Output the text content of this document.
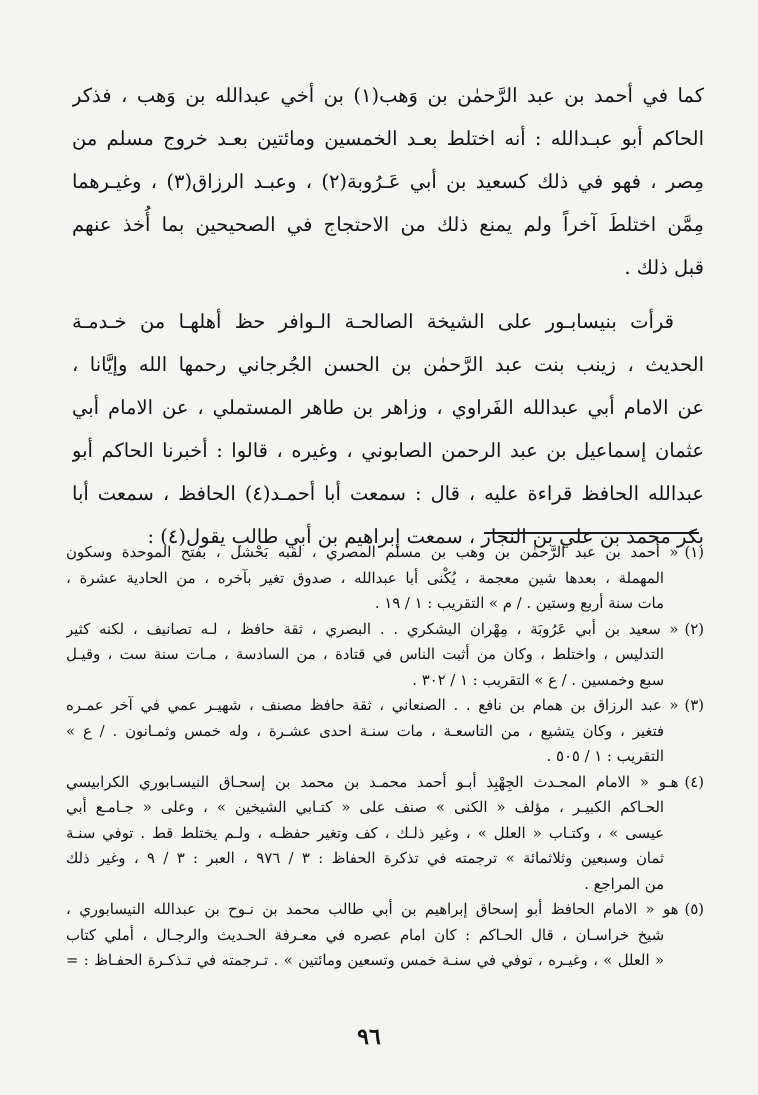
كما في أحمد بن عبد الرَّحمٰن بن وَهب(١) بن أخي عبدالله بن وَهب ، فذكر
الحاكم أبو عبـدالله : أنه اختلط بعـد الخمسين ومائتين بعـد خروج مسلم من
مِصر ، فهو في ذلك كسعيد بن أبي عَـرُوبة(٢) ، وعبـد الرزاق(٣) ، وغيـرهما
مِمَّن اختلطَ آخراً ولم يمنع ذلك من الاحتجاج في الصحيحين بما أُخذ عنهم
قبل ذلك .
قرأت بنيسابـور على الشيخة الصالحـة الـوافر حظ أهلهـا من خـدمـة
الحديث ، زينب بنت عبد الرَّحمٰن بن الحسن الجُرجاني رحمها الله وإيَّانا ،
عن الامام أبي عبدالله الفَراوي ، وزاهر بن طاهر المستملي ، عن الامام أبي
عثمان إسماعيل بن عبد الرحمن الصابوني ، وغيره ، قالوا : أخبرنا الحاكم أبو
عبدالله الحافظ قراءة عليه ، قال : سمعت أبا أحمـد(٤) الحافظ ، سمعت أبا
بكر محمد بن علي بن النجار ، سمعت إبراهيم بن أبي طالب يقول(٤) :
(١)« أحمد بن عبد الرَّحمٰن بن وهب بن مسلم المصري ، لقبه بَحْشل ، بفتح الموحدة وسكون
المهملة ، بعدها شين معجمة ، يُكْنى أبا عبدالله ، صدوق تغير بآخره ، من الحادية عشرة ،
مات سنة أربع وستين . / م » التقريب : ١ / ١٩ .
(٢)« سعيد بن أبي عَرُوبَة ، مِهْران اليشكري . . البصري ، ثقة حافظ ، لـه تصانيف ، لكنه كثير
التدليس ، واختلط ، وكان من أثبت الناس في قتادة ، من السادسة ، مـات سنة ست ، وقيـل
سبع وخمسين . / ع » التقريب : ١ / ٣٠٢ .
(٣)« عبد الرزاق بن همام بن نافع . . الصنعاني ، ثقة حافظ مصنف ، شهيـر عمي في آخر عمـره
فتغير ، وكان يتشيع ، من التاسعـة ، مات سنـة احدى عشـرة ، وله خمس وثمـانون . / ع »
التقريب : ١ / ٥٠٥ .
(٤)هـو « الامام المحـدث الجِهْبِذ أبـو أحمد محمـد بن محمد بن إسحـاق النيسـابوري الكرابيسي
الحـاكم الكبيـر ، مؤلف « الكنى » صنف على « كتـابي الشيخين » ، وعلى « جـامـع أبي
عيسى » ، وكتـاب « العلل » ، وغير ذلـك ، كف وتغير حفظـه ، ولـم يختلط قط . توفي سنـة
ثمان وسبعين وثلاثمائة » ترجمته في تذكرة الحفاظ : ٣ / ٩٧٦ ، العبر : ٣ / ٩ ، وغير ذلك
من المراجع .
(٥)هو « الامام الحافظ أبو إسحاق إبراهيم بن أبي طالب محمد بن نـوح بن عبدالله النيسابوري ،
شيخ خراسـان ، قال الحـاكم : كان امام عصره في معـرفة الحـديث والرجـال ، أملي كتاب
« العلل » ، وغيـره ، توفي في سنـة خمس وتسعين ومائتين » . تـرجمته في تـذكـرة الحفـاظ : =
٩٦
